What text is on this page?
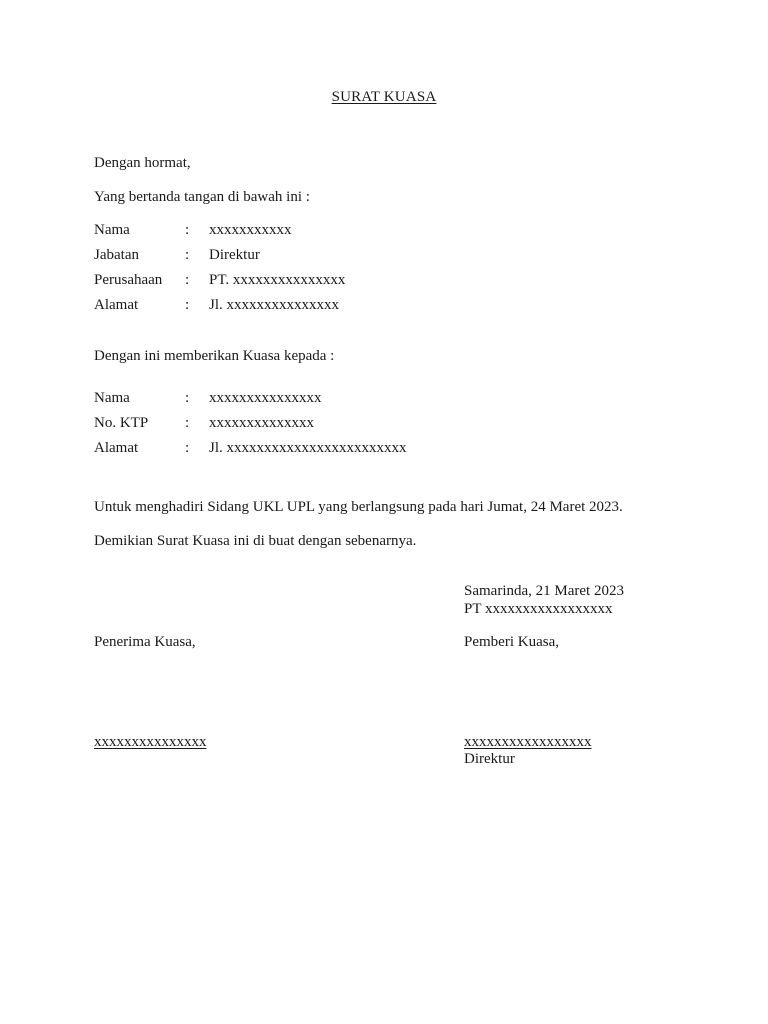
SURAT KUASA
Dengan hormat,
Yang bertanda tangan di bawah ini :
Nama	: xxxxxxxxxxx
Jabatan	: Direktur
Perusahaan : PT. xxxxxxxxxxxxxxx
Alamat	: Jl. xxxxxxxxxxxxxxx
Dengan ini memberikan Kuasa kepada :
Nama	: xxxxxxxxxxxxxxx
No. KTP : xxxxxxxxxxxxxx
Alamat	: Jl. xxxxxxxxxxxxxxxxxxxxxxxx
Untuk menghadiri Sidang UKL UPL yang berlangsung pada hari Jumat, 24 Maret 2023.
Demikian Surat Kuasa ini di buat dengan sebenarnya.
Samarinda, 21 Maret 2023
PT xxxxxxxxxxxxxxxxx
Penerima Kuasa,	Pemberi Kuasa,
xxxxxxxxxxxxxxx	xxxxxxxxxxxxxxxxx
Direktur
